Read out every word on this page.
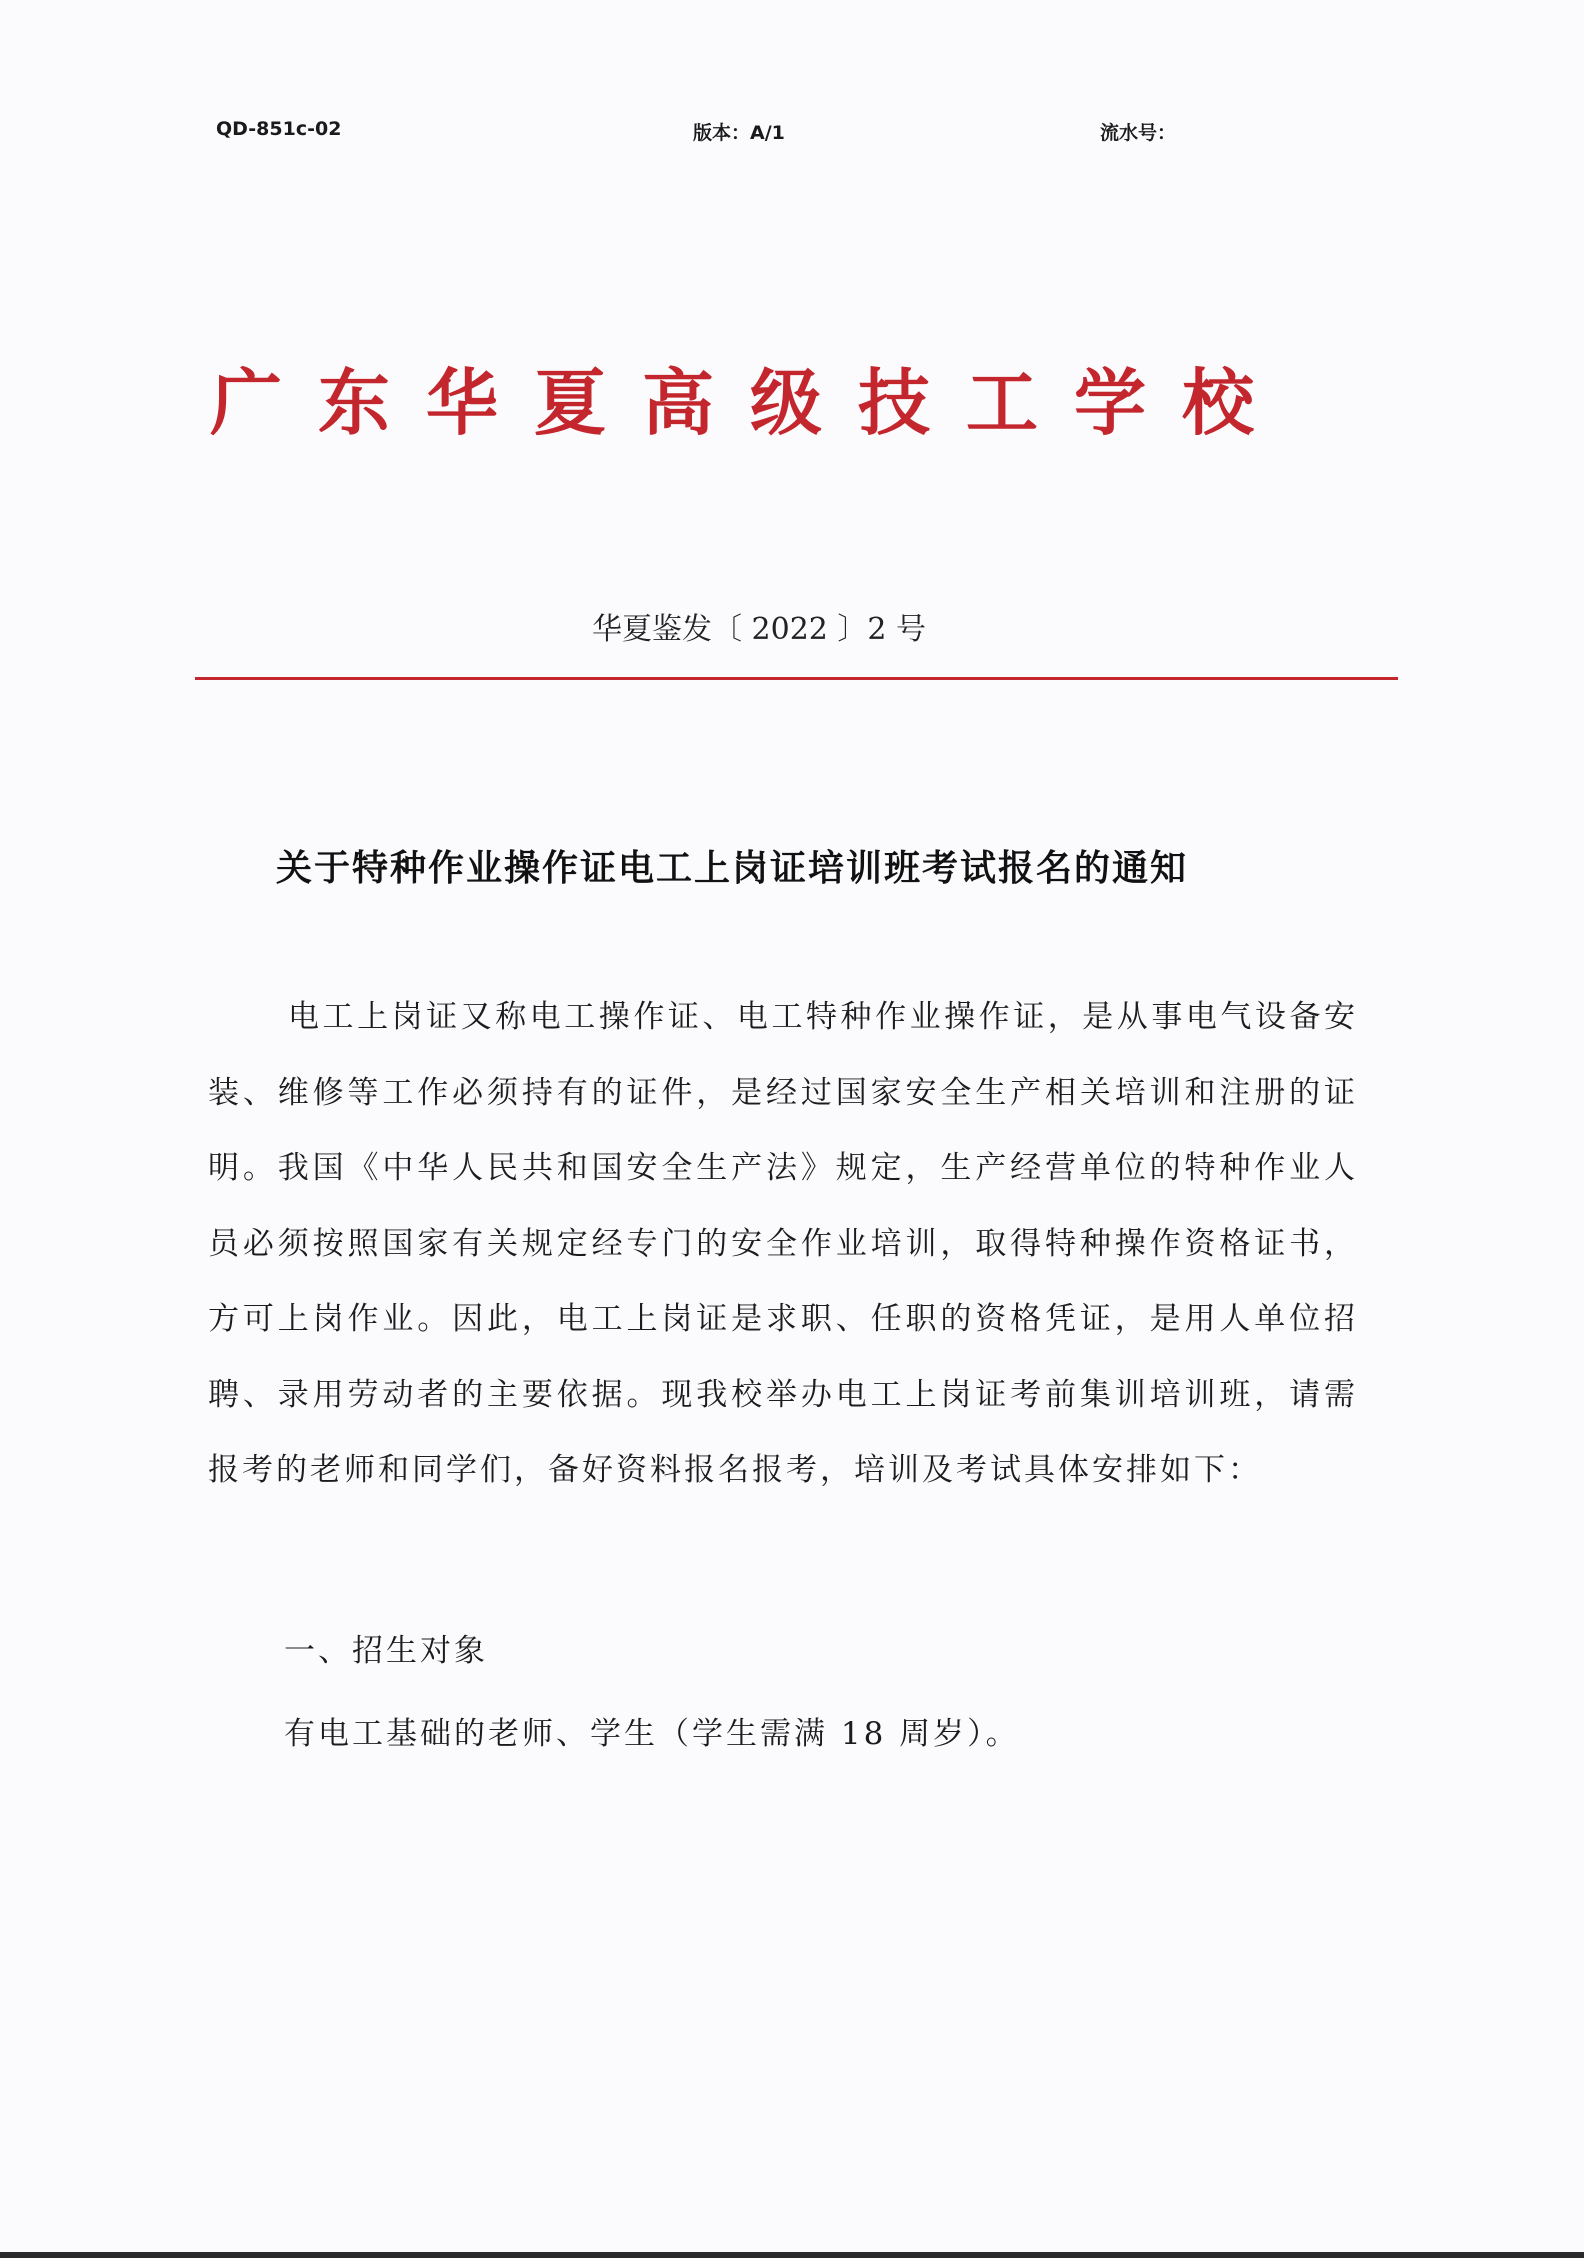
QD-851c-02	版本：A/1	流水号：
广东华夏高级技工学校
华夏鉴发〔 2022 〕2 号
关于特种作业操作证电工上岗证培训班考试报名的通知
电工上岗证又称电工操作证、电工特种作业操作证，是从事电气设备安装、维修等工作必须持有的证件，是经过国家安全生产相关培训和注册的证明。我国《中华人民共和国安全生产法》规定，生产经营单位的特种作业人员必须按照国家有关规定经专门的安全作业培训，取得特种操作资格证书，方可上岗作业。因此，电工上岗证是求职、任职的资格凭证，是用人单位招聘、录用劳动者的主要依据。现我校举办电工上岗证考前集训培训班，请需报考的老师和同学们，备好资料报名报考，培训及考试具体安排如下：
一、招生对象
有电工基础的老师、学生（学生需满 18 周岁）。
